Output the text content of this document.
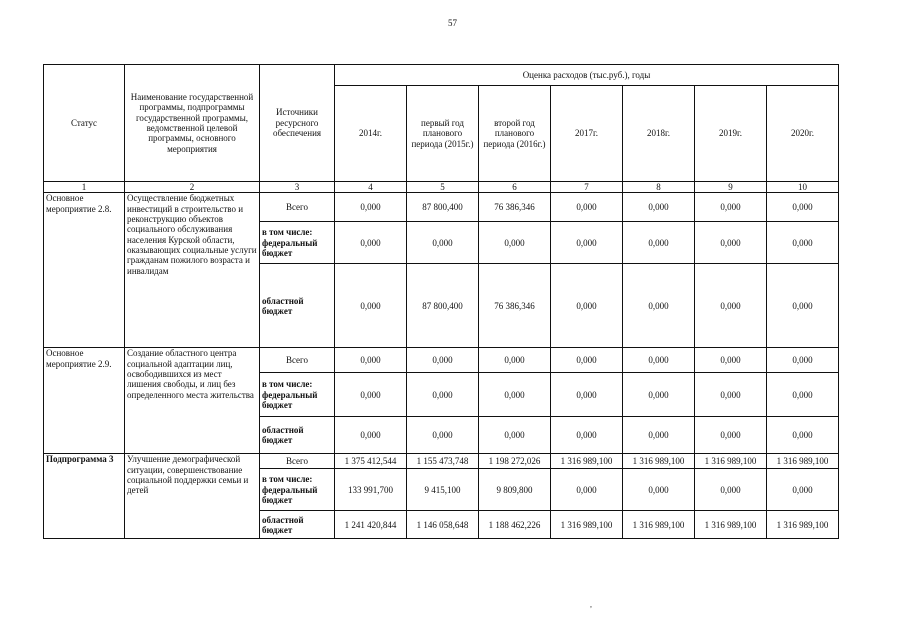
57
Статус	Наименование государственной программы, подпрограммы государственной программы, ведомственной целевой программы, основного мероприятия	Источники ресурсного обеспечения	Оценка расходов (тыс.руб.), годы						
			2014г.	первый год планового периода (2015г.)	второй год планового периода (2016г.)	2017г.	2018г.	2019г.	2020г.
1	2	3	4	5	6	7	8	9	10
Основное мероприятие 2.8.	Осуществление бюджетных инвестиций в строительство и реконструкцию объектов социального обслуживания населения Курской области, оказывающих социальные услуги гражданам пожилого возраста и инвалидам	Всего	0,000	87 800,400	76 386,346	0,000	0,000	0,000	0,000
		в том числе: федеральный бюджет	0,000	0,000	0,000	0,000	0,000	0,000	0,000
		областной бюджет	0,000	87 800,400	76 386,346	0,000	0,000	0,000	0,000
Основное мероприятие 2.9.	Создание областного центра социальной адаптации лиц, освободившихся из мест лишения свободы, и лиц без определенного места жительства	Всего	0,000	0,000	0,000	0,000	0,000	0,000	0,000
		в том числе: федеральный бюджет	0,000	0,000	0,000	0,000	0,000	0,000	0,000
		областной бюджет	0,000	0,000	0,000	0,000	0,000	0,000	0,000
Подпрограмма 3	Улучшение демографической ситуации, совершенствование социальной поддержки семьи и детей	Всего	1 375 412,544	1 155 473,748	1 198 272,026	1 316 989,100	1 316 989,100	1 316 989,100	1 316 989,100
		в том числе: федеральный бюджет	133 991,700	9 415,100	9 809,800	0,000	0,000	0,000	0,000
		областной бюджет	1 241 420,844	1 146 058,648	1 188 462,226	1 316 989,100	1 316 989,100	1 316 989,100	1 316 989,100
,
